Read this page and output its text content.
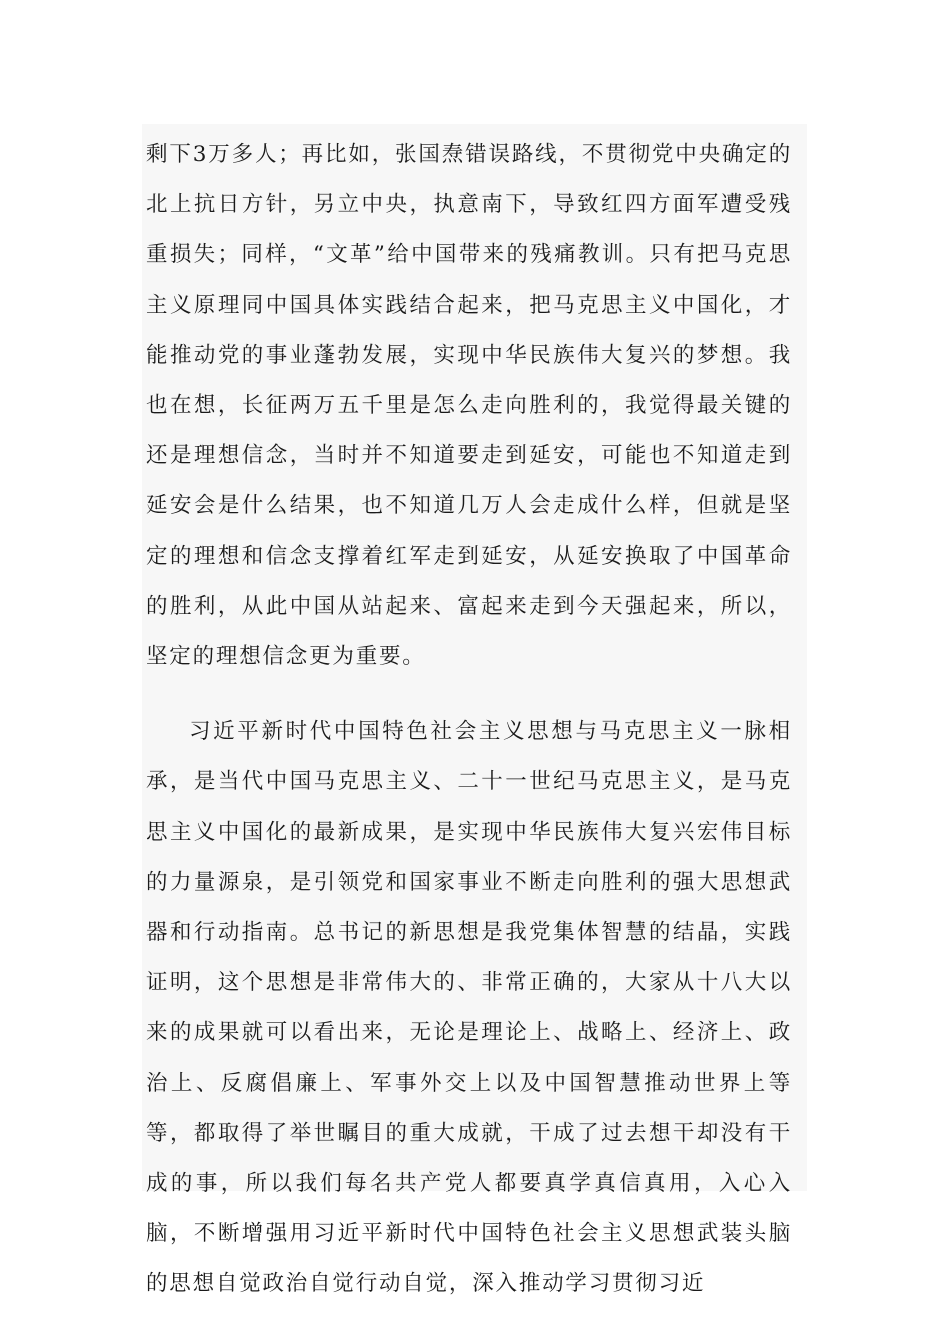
剩下3万多人；再比如，张国焘错误路线，不贯彻党中央确定的北上抗日方针，另立中央，执意南下，导致红四方面军遭受残重损失；同样，“文革”给中国带来的残痛教训。只有把马克思主义原理同中国具体实践结合起来，把马克思主义中国化，才能推动党的事业蓬勃发展，实现中华民族伟大复兴的梦想。我也在想，长征两万五千里是怎么走向胜利的，我觉得最关键的还是理想信念，当时并不知道要走到延安，可能也不知道走到延安会是什么结果，也不知道几万人会走成什么样，但就是坚定的理想和信念支撑着红军走到延安，从延安换取了中国革命的胜利，从此中国从站起来、富起来走到今天强起来，所以，坚定的理想信念更为重要。

习近平新时代中国特色社会主义思想与马克思主义一脉相承，是当代中国马克思主义、二十一世纪马克思主义，是马克思主义中国化的最新成果，是实现中华民族伟大复兴宏伟目标的力量源泉，是引领党和国家事业不断走向胜利的强大思想武器和行动指南。总书记的新思想是我党集体智慧的结晶，实践证明，这个思想是非常伟大的、非常正确的，大家从十八大以来的成果就可以看出来，无论是理论上、战略上、经济上、政治上、反腐倡廉上、军事外交上以及中国智慧推动世界上等等，都取得了举世瞩目的重大成就，干成了过去想干却没有干成的事，所以我们每名共产党人都要真学真信真用，入心入脑，不断增强用习近平新时代中国特色社会主义思想武装头脑的思想自觉政治自觉行动自觉，深入推动学习贯彻习近
